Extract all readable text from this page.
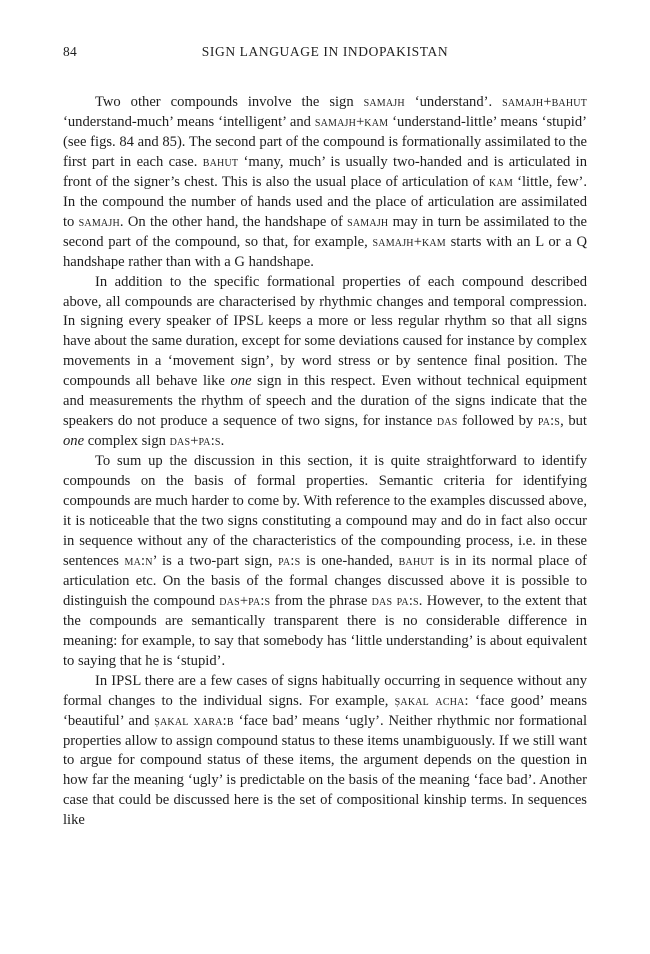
84	SIGN LANGUAGE IN INDOPAKISTAN

Two other compounds involve the sign samajh ‘understand’. samajh+bahut ‘understand-much’ means ‘intelligent’ and samajh+kam ‘understand-little’ means ‘stupid’ (see figs. 84 and 85). The second part of the compound is formationally assimilated to the first part in each case. bahut ‘many, much’ is usually two-handed and is articulated in front of the signer’s chest. This is also the usual place of articulation of kam ‘little, few’. In the compound the number of hands used and the place of articulation are assimilated to samajh. On the other hand, the handshape of samajh may in turn be assimilated to the second part of the compound, so that, for example, samajh+kam starts with an L or a Q handshape rather than with a G handshape.

In addition to the specific formational properties of each compound described above, all compounds are characterised by rhythmic changes and temporal compression. In signing every speaker of IPSL keeps a more or less regular rhythm so that all signs have about the same duration, except for some deviations caused for instance by complex movements in a ‘movement sign’, by word stress or by sentence final position. The compounds all behave like one sign in this respect. Even without technical equipment and measurements the rhythm of speech and the duration of the signs indicate that the speakers do not produce a sequence of two signs, for instance das followed by pa:s, but one complex sign das+pa:s.

To sum up the discussion in this section, it is quite straightforward to identify compounds on the basis of formal properties. Semantic criteria for identifying compounds are much harder to come by. With reference to the examples discussed above, it is noticeable that the two signs constituting a compound may and do in fact also occur in sequence without any of the characteristics of the compounding process, i.e. in these sentences ma:n’ is a two-part sign, pa:s is one-handed, bahut is in its normal place of articulation etc. On the basis of the formal changes discussed above it is possible to distinguish the compound das+pa:s from the phrase das pa:s. However, to the extent that the compounds are semantically transparent there is no considerable difference in meaning: for example, to say that somebody has ‘little understanding’ is about equivalent to saying that he is ‘stupid’.

In IPSL there are a few cases of signs habitually occurring in sequence without any formal changes to the individual signs. For example, ṣakal acha: ‘face good’ means ‘beautiful’ and ṣakal xara:b ‘face bad’ means ‘ugly’. Neither rhythmic nor formational properties allow to assign compound status to these items unambiguously. If we still want to argue for compound status of these items, the argument depends on the question in how far the meaning ‘ugly’ is predictable on the basis of the meaning ‘face bad’. Another case that could be discussed here is the set of compositional kinship terms. In sequences like
